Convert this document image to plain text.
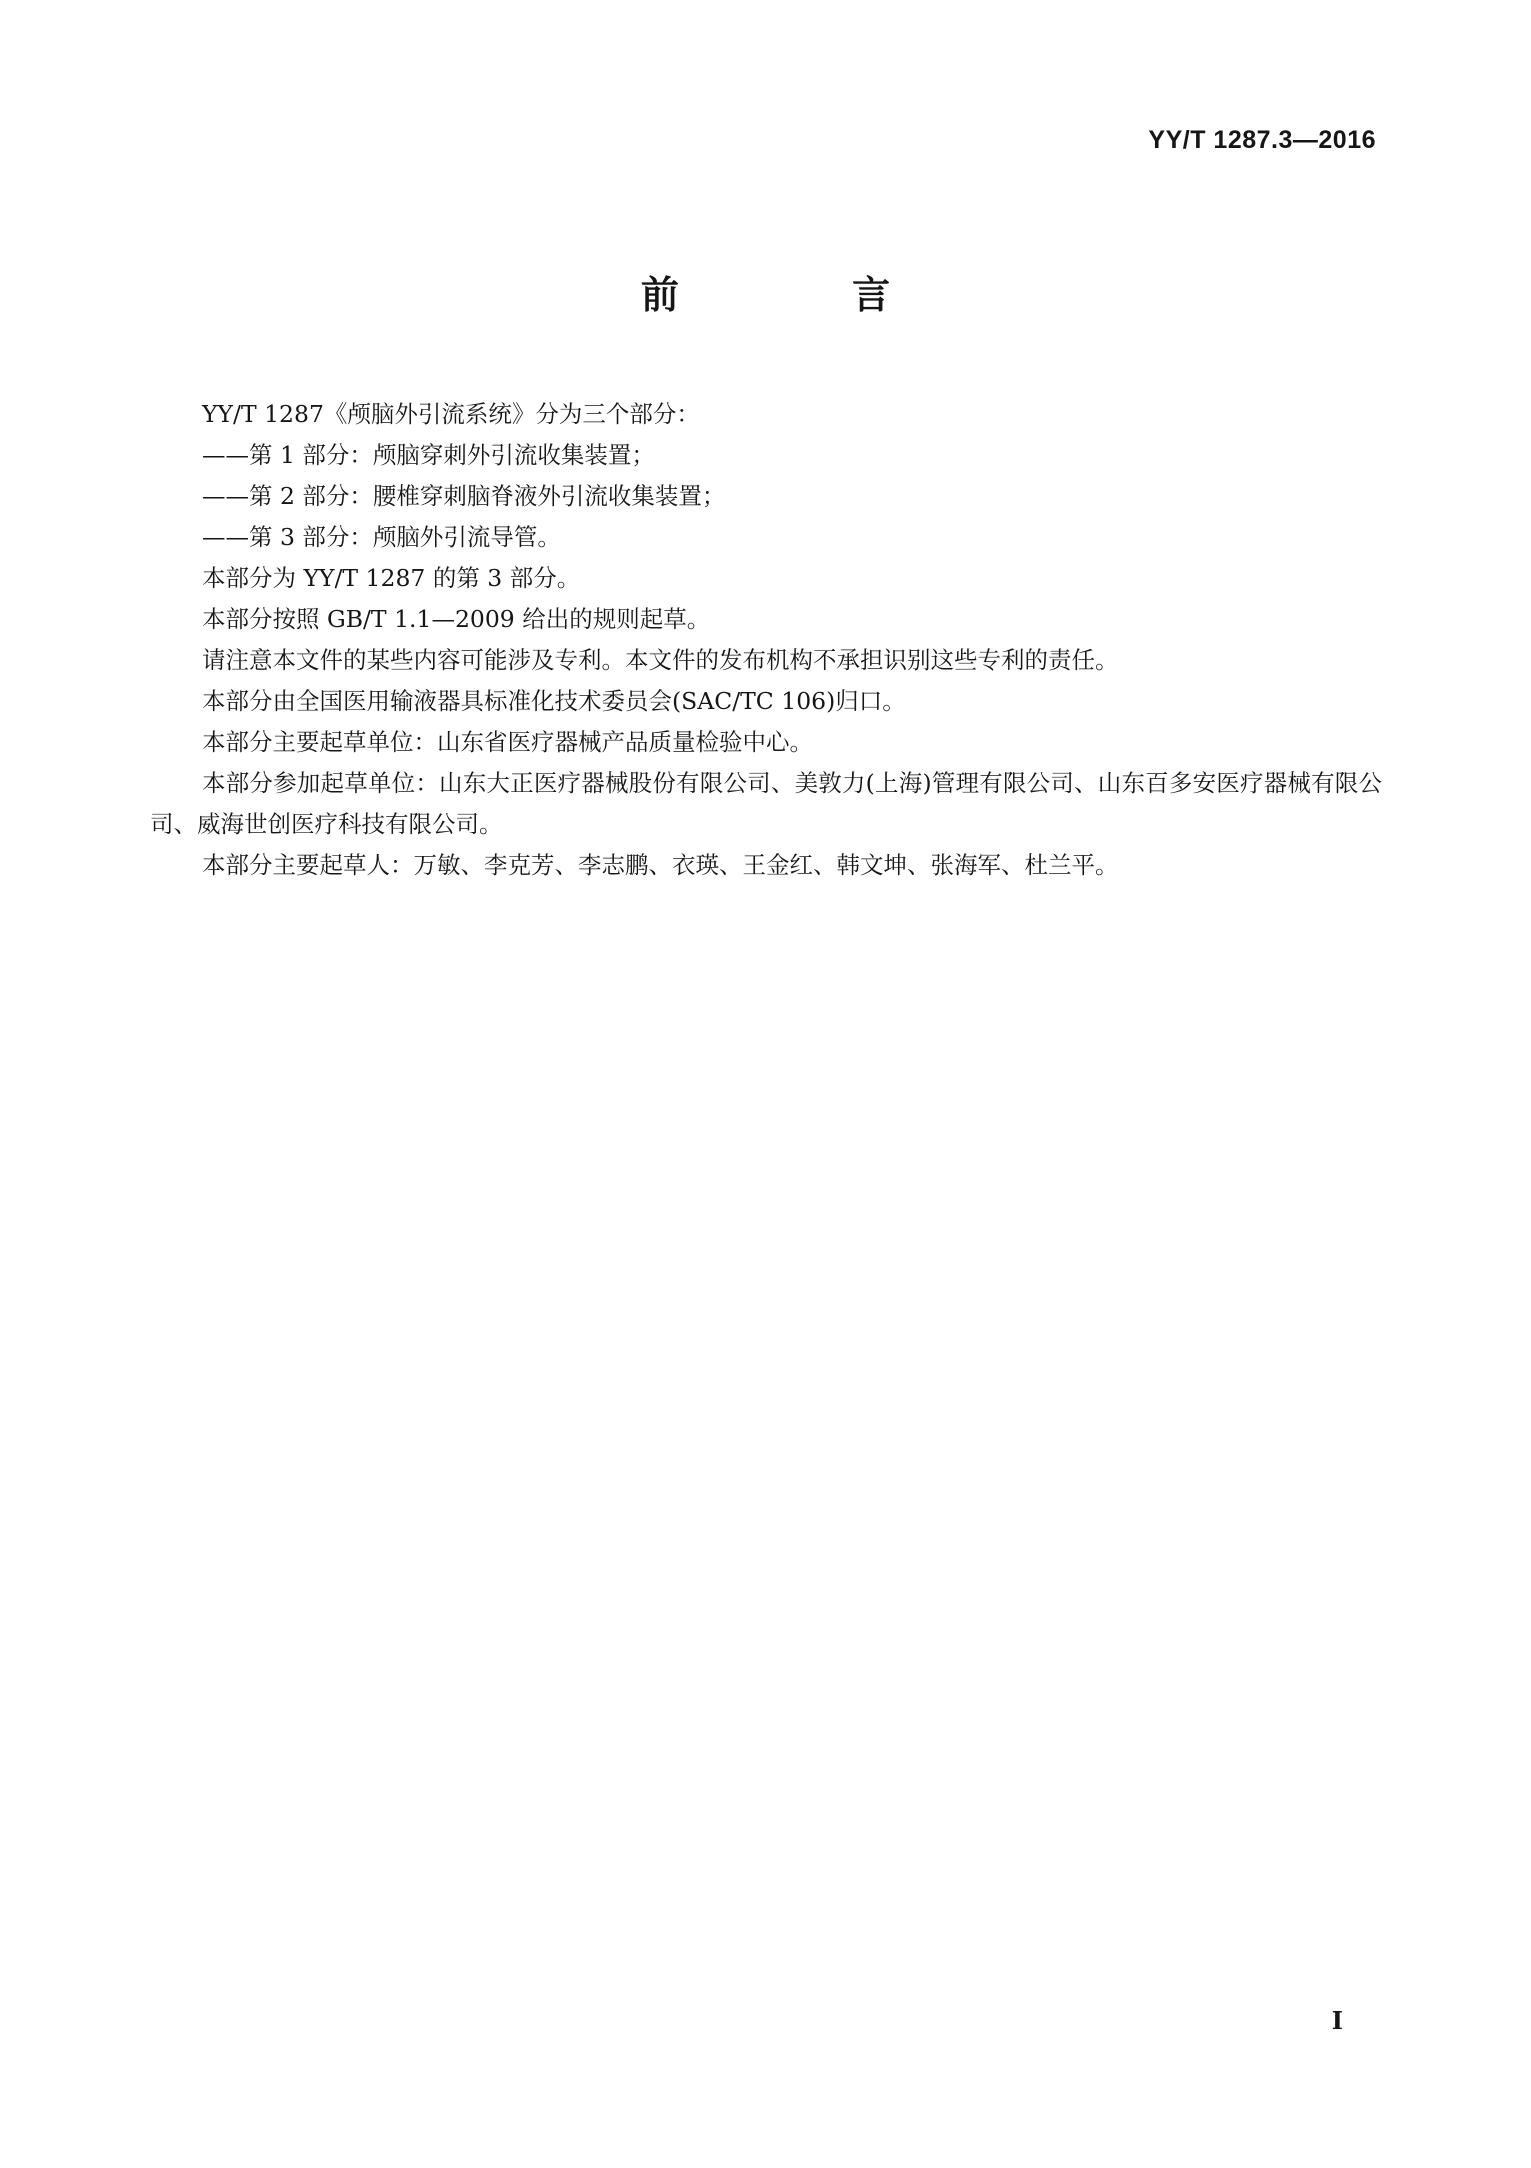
YY/T 1287.3—2016
前 言

YY/T 1287《颅脑外引流系统》分为三个部分：

——第 1 部分：颅脑穿刺外引流收集装置；

——第 2 部分：腰椎穿刺脑脊液外引流收集装置；

——第 3 部分：颅脑外引流导管。

本部分为 YY/T 1287 的第 3 部分。

本部分按照 GB/T 1.1—2009 给出的规则起草。

请注意本文件的某些内容可能涉及专利。本文件的发布机构不承担识别这些专利的责任。

本部分由全国医用输液器具标准化技术委员会(SAC/TC 106)归口。

本部分主要起草单位：山东省医疗器械产品质量检验中心。

本部分参加起草单位：山东大正医疗器械股份有限公司、美敦力(上海)管理有限公司、山东百多安医疗器械有限公司、威海世创医疗科技有限公司。

本部分主要起草人：万敏、李克芳、李志鹏、衣瑛、王金红、韩文坤、张海军、杜兰平。

I
